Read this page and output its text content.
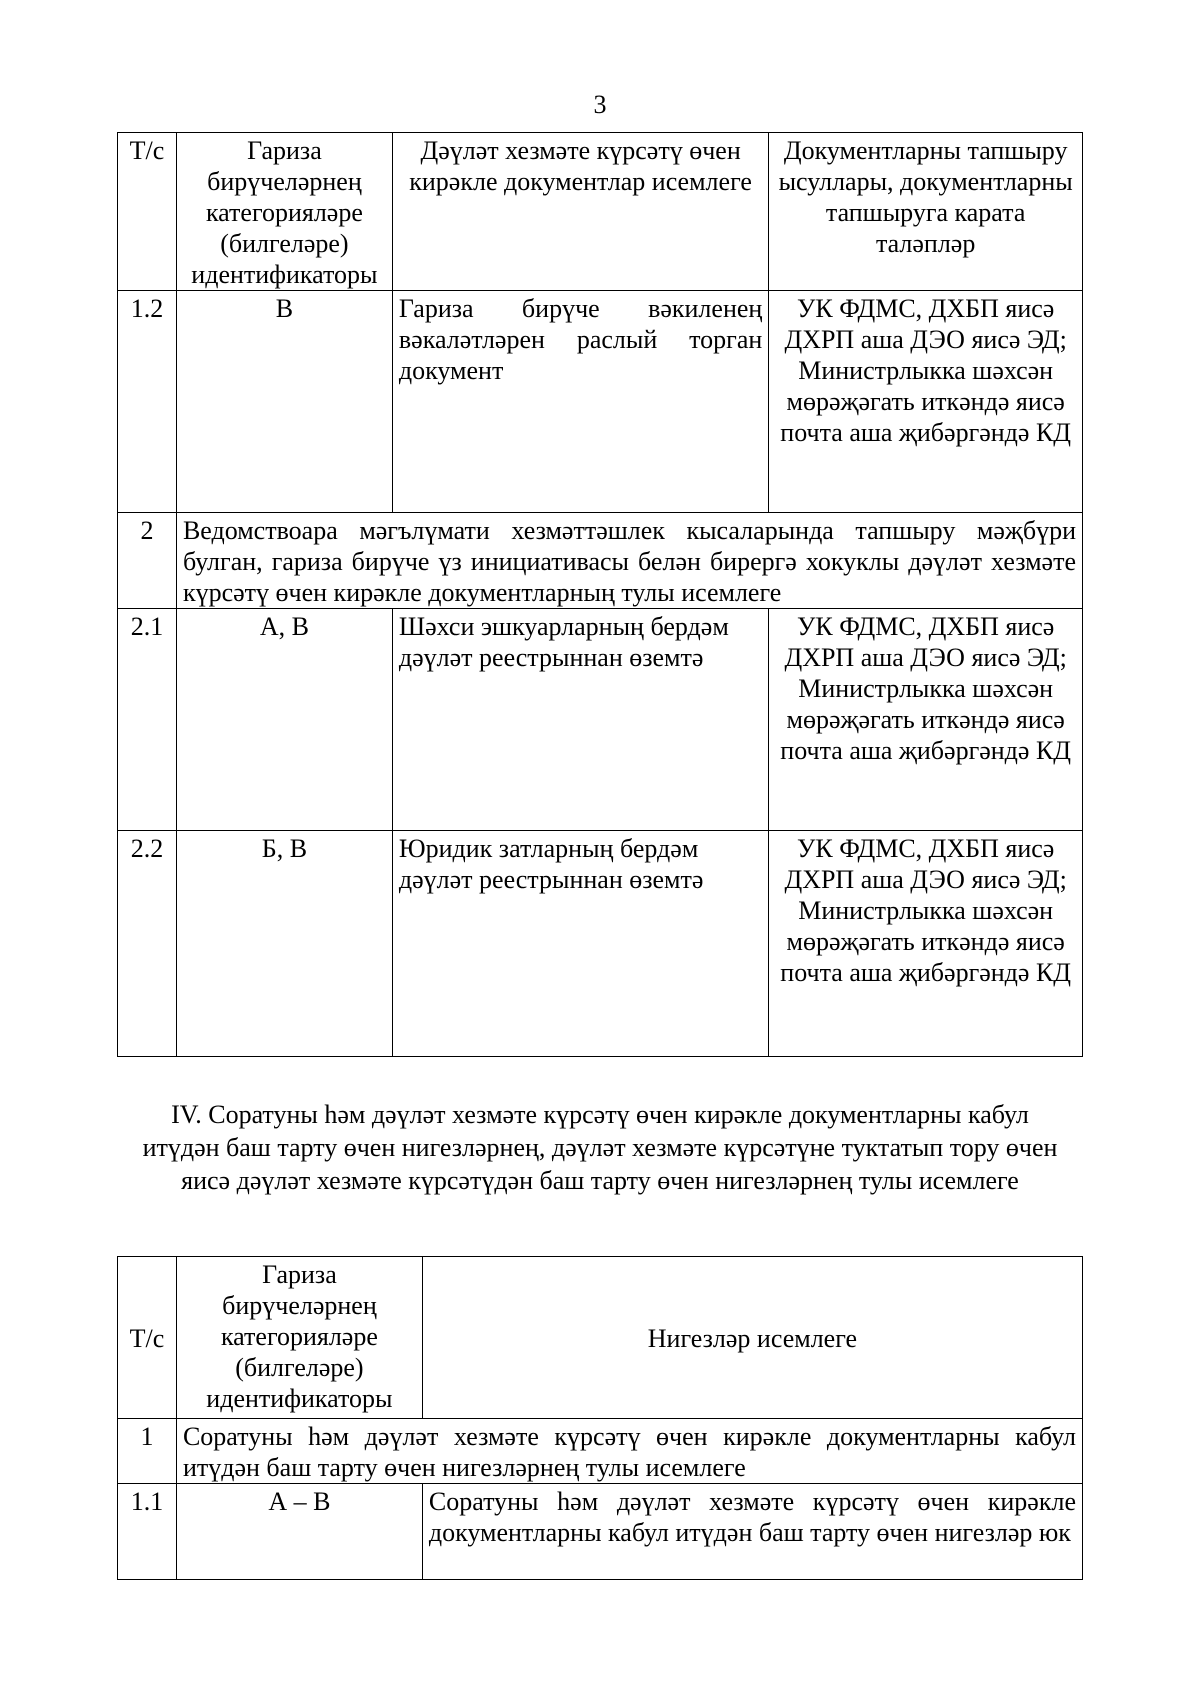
3
Т/с	Гариза бирүчеләрнең категорияләре (билгеләре) идентификаторы	Дәүләт хезмәте күрсәтү өчен кирәкле документлар исемлеге	Документларны тапшыру ысуллары, документларны тапшыруга карата таләпләр
1.2	В	Гариза бирүче вәкиленең вәкаләтләрен раслый торган документ	УК ФДМС, ДХБП яисә ДХРП аша ДЭО яисә ЭД; Министрлыкка шәхсән мөрәҗәгать иткәндә яисә почта аша җибәргәндә КД
2	Ведомствоара мәгълүмати хезмәттәшлек кысаларында тапшыру мәҗбүри булган, гариза бирүче үз инициативасы белән бирергә хокуклы дәүләт хезмәте күрсәтү өчен кирәкле документларның тулы исемлеге		
2.1	А, В	Шәхси эшкуарларның бердәм дәүләт реестрыннан өземтә	УК ФДМС, ДХБП яисә ДХРП аша ДЭО яисә ЭД; Министрлыкка шәхсән мөрәҗәгать иткәндә яисә почта аша җибәргәндә КД
2.2	Б, В	Юридик затларның бердәм дәүләт реестрыннан өземтә	УК ФДМС, ДХБП яисә ДХРП аша ДЭО яисә ЭД; Министрлыкка шәхсән мөрәҗәгать иткәндә яисә почта аша җибәргәндә КД
IV. Соратуны һәм дәүләт хезмәте күрсәтү өчен кирәкле документларны кабул итүдән баш тарту өчен нигезләрнең, дәүләт хезмәте күрсәтүне туктатып тору өчен яисә дәүләт хезмәте күрсәтүдән баш тарту өчен нигезләрнең тулы исемлеге
Т/с	Гариза бирүчеләрнең категорияләре (билгеләре) идентификаторы	Нигезләр исемлеге
1	Соратуны һәм дәүләт хезмәте күрсәтү өчен кирәкле документларны кабул итүдән баш тарту өчен нигезләрнең тулы исемлеге	
1.1	А – В	Соратуны һәм дәүләт хезмәте күрсәтү өчен кирәкле документларны кабул итүдән баш тарту өчен нигезләр юк
